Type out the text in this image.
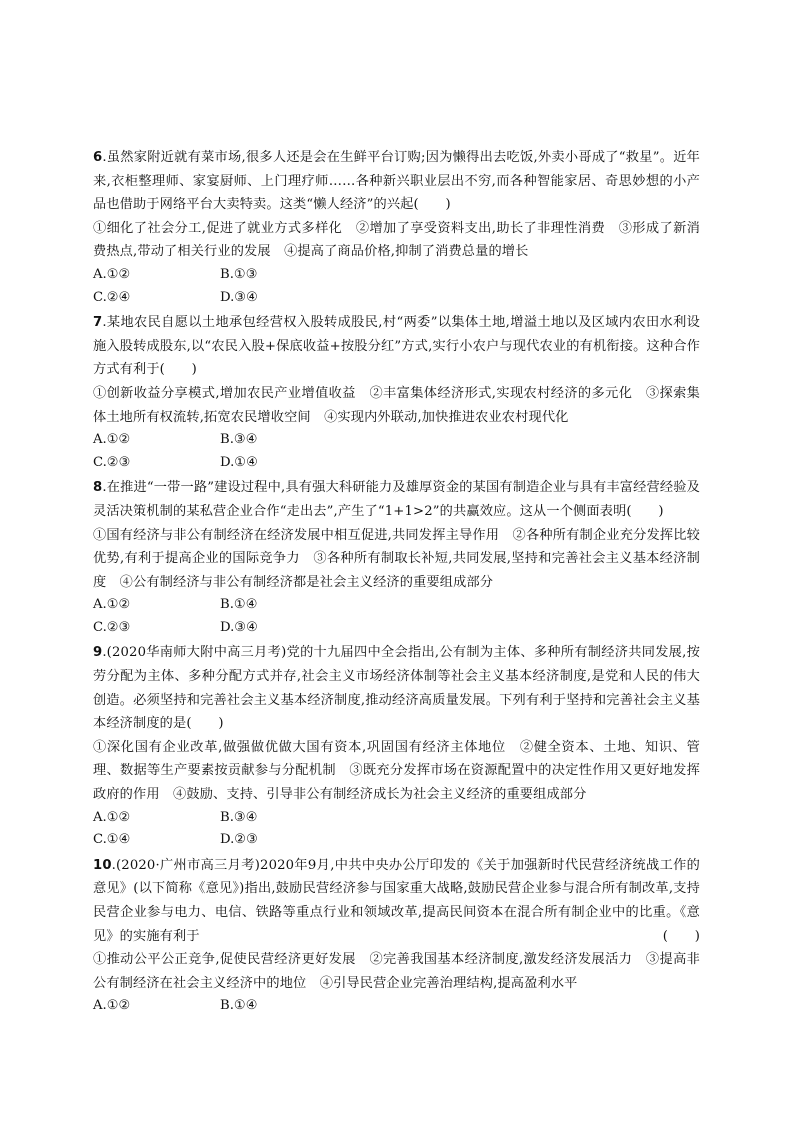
6.虽然家附近就有菜市场,很多人还是会在生鲜平台订购;因为懒得出去吃饭,外卖小哥成了“救星”。近年来,衣柜整理师、家宴厨师、上门理疗师……各种新兴职业层出不穷,而各种智能家居、奇思妙想的小产品也借助于网络平台大卖特卖。这类“懒人经济”的兴起(　　)
①细化了社会分工,促进了就业方式多样化　②增加了享受资料支出,助长了非理性消费　③形成了新消费热点,带动了相关行业的发展　④提高了商品价格,抑制了消费总量的增长
A.①②	B.①③
C.②④	D.③④
7.某地农民自愿以土地承包经营权入股转成股民,村“两委”以集体土地,增溢土地以及区域内农田水利设施入股转成股东,以“农民入股+保底收益+按股分红”方式,实行小农户与现代农业的有机衔接。这种合作方式有利于(　　)
①创新收益分享模式,增加农民产业增值收益　②丰富集体经济形式,实现农村经济的多元化　③探索集体土地所有权流转,拓宽农民增收空间　④实现内外联动,加快推进农业农村现代化
A.①②	B.③④
C.②③	D.①④
8.在推进“一带一路”建设过程中,具有强大科研能力及雄厚资金的某国有制造企业与具有丰富经营经验及灵活决策机制的某私营企业合作“走出去”,产生了“1+1>2”的共赢效应。这从一个侧面表明(　　)
①国有经济与非公有制经济在经济发展中相互促进,共同发挥主导作用　②各种所有制企业充分发挥比较优势,有利于提高企业的国际竞争力　③各种所有制取长补短,共同发展,坚持和完善社会主义基本经济制度　④公有制经济与非公有制经济都是社会主义经济的重要组成部分
A.①②	B.①④
C.②③	D.③④
9.(2020华南师大附中高三月考)党的十九届四中全会指出,公有制为主体、多种所有制经济共同发展,按劳分配为主体、多种分配方式并存,社会主义市场经济体制等社会主义基本经济制度,是党和人民的伟大创造。必须坚持和完善社会主义基本经济制度,推动经济高质量发展。下列有利于坚持和完善社会主义基本经济制度的是(　　)
①深化国有企业改革,做强做优做大国有资本,巩固国有经济主体地位　②健全资本、土地、知识、管理、数据等生产要素按贡献参与分配机制　③既充分发挥市场在资源配置中的决定性作用又更好地发挥政府的作用　④鼓励、支持、引导非公有制经济成长为社会主义经济的重要组成部分
A.①②	B.③④
C.①④	D.②③
10.(2020·广州市高三月考)2020年9月,中共中央办公厅印发的《关于加强新时代民营经济统战工作的意见》(以下简称《意见》)指出,鼓励民营经济参与国家重大战略,鼓励民营企业参与混合所有制改革,支持民营企业参与电力、电信、铁路等重点行业和领域改革,提高民间资本在混合所有制企业中的比重。《意见》的实施有利于	(　　)
①推动公平公正竞争,促使民营经济更好发展　②完善我国基本经济制度,激发经济发展活力　③提高非公有制经济在社会主义经济中的地位　④引导民营企业完善治理结构,提高盈利水平
A.①②	B.①④
